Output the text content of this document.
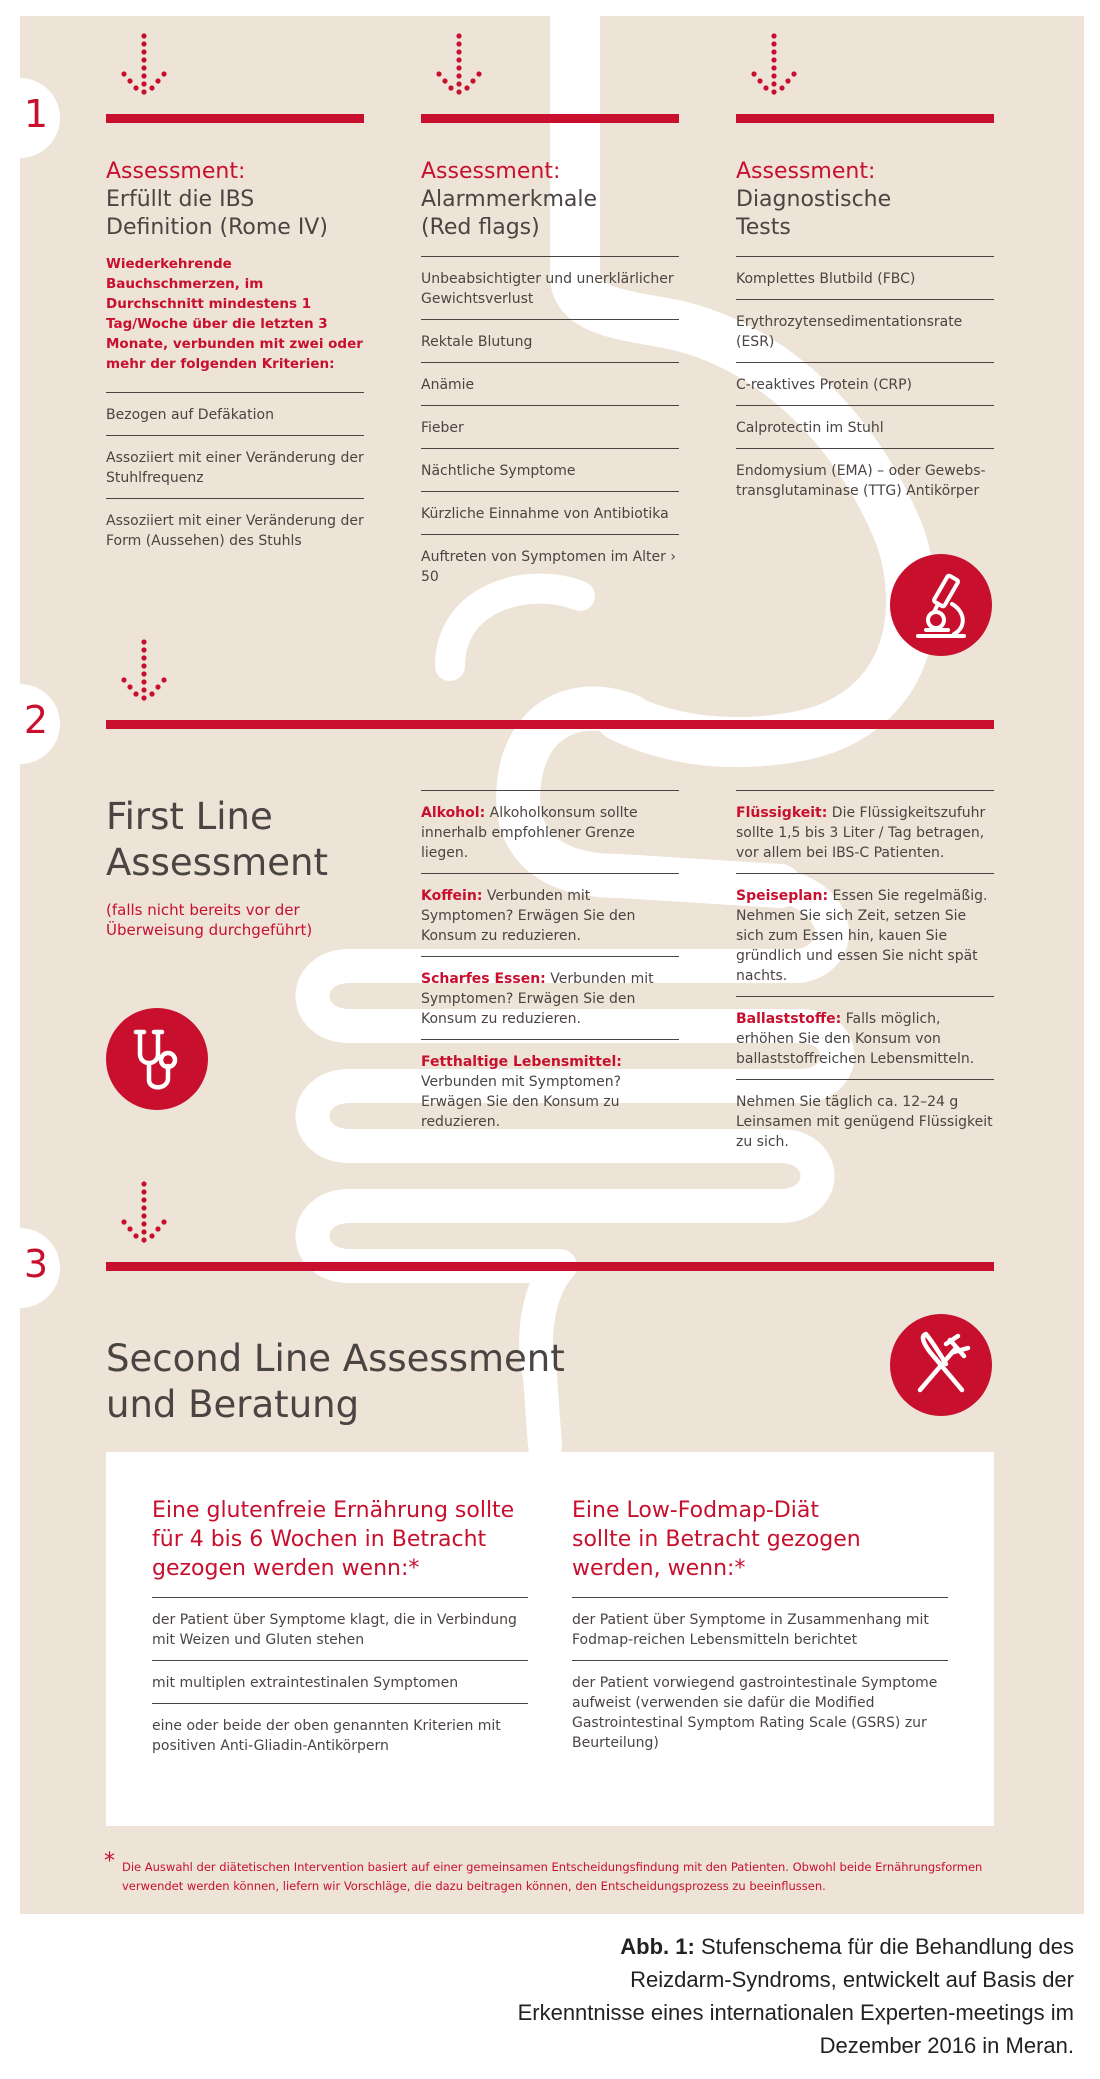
1
2
3
Assessment:
Erfüllt die IBS
Definition (Rome IV)
Wiederkehrende Bauchschmerzen, im Durchschnitt mindestens 1 Tag/Woche über die letzten 3 Monate, verbunden mit zwei oder mehr der folgenden Kriterien:
Bezogen auf Defäkation
Assoziiert mit einer Veränderung der Stuhlfrequenz
Assoziiert mit einer Veränderung der Form (Aussehen) des Stuhls
Assessment:
Alarmmerkmale
(Red flags)
Unbeabsichtigter und unerklärlicher Gewichtsverlust
Rektale Blutung
Anämie
Fieber
Nächtliche Symptome
Kürzliche Einnahme von Antibiotika
Auftreten von Symptomen im Alter › 50
Assessment:
Diagnostische
Tests
Komplettes Blutbild (FBC)
Erythrozytensedimentationsrate (ESR)
C-reaktives Protein (CRP)
Calprotectin im Stuhl
Endomysium (EMA) – oder Gewebs-transglutaminase (TTG) Antikörper
First Line
Assessment
(falls nicht bereits vor der Überweisung durchgeführt)
Alkohol: Alkoholkonsum sollte innerhalb empfohlener Grenze liegen.
Koffein: Verbunden mit Symptomen? Erwägen Sie den Konsum zu reduzieren.
Scharfes Essen: Verbunden mit Symptomen? Erwägen Sie den Konsum zu reduzieren.
Fetthaltige Lebensmittel: Verbunden mit Symptomen? Erwägen Sie den Konsum zu reduzieren.
Flüssigkeit: Die Flüssigkeitszufuhr sollte 1,5 bis 3 Liter / Tag betragen, vor allem bei IBS-C Patienten.
Speiseplan: Essen Sie regelmäßig. Nehmen Sie sich Zeit, setzen Sie sich zum Essen hin, kauen Sie gründlich und essen Sie nicht spät nachts.
Ballaststoffe: Falls möglich, erhöhen Sie den Konsum von ballaststoffreichen Lebensmitteln.
Nehmen Sie täglich ca. 12–24 g Leinsamen mit genügend Flüssigkeit zu sich.
Second Line Assessment
und Beratung
Eine glutenfreie Ernährung sollte für 4 bis 6 Wochen in Betracht gezogen werden wenn:*
der Patient über Symptome klagt, die in Verbindung mit Weizen und Gluten stehen
mit multiplen extraintestinalen Symptomen
eine oder beide der oben genannten Kriterien mit positiven Anti-Gliadin-Antikörpern
Eine Low-Fodmap-Diät sollte in Betracht gezogen werden, wenn:*
der Patient über Symptome in Zusammenhang mit Fodmap-reichen Lebensmitteln berichtet
der Patient vorwiegend gastrointestinale Symptome aufweist (verwenden sie dafür die Modified Gastrointestinal Symptom Rating Scale (GSRS) zur Beurteilung)
* Die Auswahl der diätetischen Intervention basiert auf einer gemeinsamen Entscheidungsfindung mit den Patienten. Obwohl beide Ernährungsformen verwendet werden können, liefern wir Vorschläge, die dazu beitragen können, den Entscheidungsprozess zu beeinflussen.
Abb. 1: Stufenschema für die Behandlung des Reizdarm-Syndroms, entwickelt auf Basis der Erkenntnisse eines internationalen Experten-meetings im Dezember 2016 in Meran.
